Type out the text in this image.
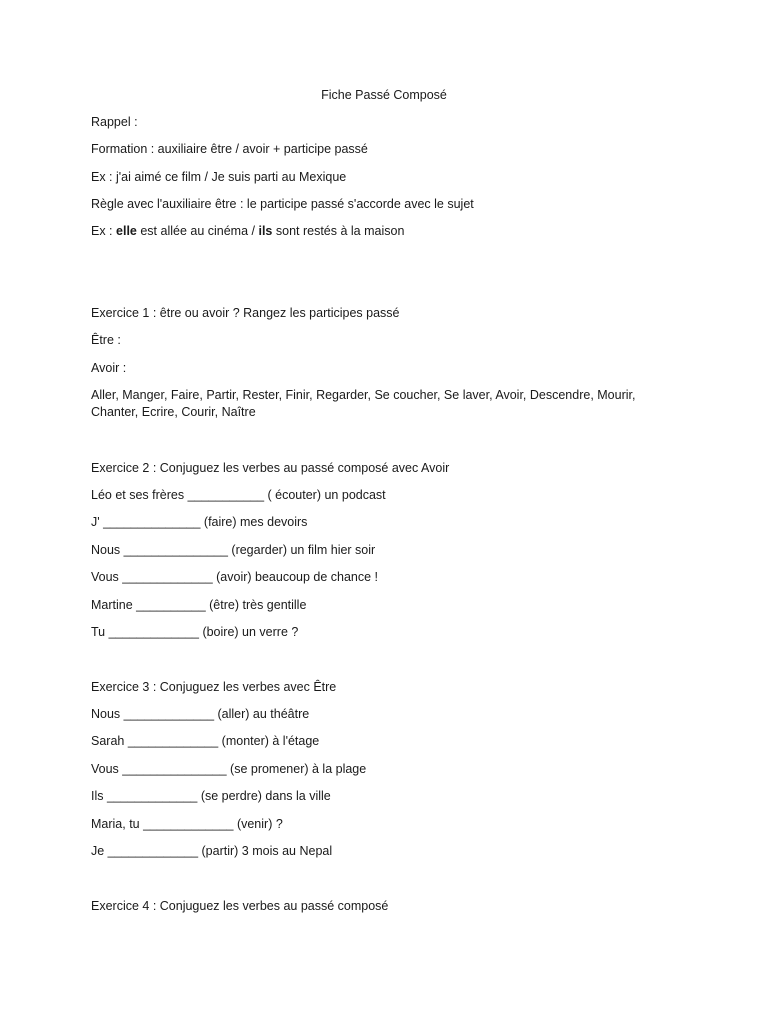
Fiche Passé Composé
Rappel :
Formation : auxiliaire être / avoir + participe passé
Ex : j'ai aimé ce film / Je suis parti au Mexique
Règle avec l'auxiliaire être : le participe passé s'accorde avec le sujet
Ex : elle est allée au cinéma / ils sont restés à la maison
Exercice 1 : être ou avoir ? Rangez les participes passé
Être :
Avoir :
Aller, Manger, Faire, Partir, Rester, Finir, Regarder, Se coucher, Se laver, Avoir, Descendre, Mourir,
Chanter, Ecrire, Courir, Naître
Exercice 2 : Conjuguez les verbes au passé composé avec Avoir
Léo et ses frères ___________ ( écouter) un podcast
J' ______________ (faire) mes devoirs
Nous _______________ (regarder) un film hier soir
Vous _____________ (avoir) beaucoup de chance !
Martine __________ (être) très gentille
Tu _____________ (boire) un verre ?
Exercice 3 : Conjuguez les verbes avec Être
Nous _____________ (aller) au théâtre
Sarah _____________ (monter) à l'étage
Vous _______________ (se promener) à la plage
Ils _____________ (se perdre) dans la ville
Maria, tu _____________ (venir) ?
Je _____________ (partir) 3 mois au Nepal
Exercice 4 : Conjuguez les verbes au passé composé
